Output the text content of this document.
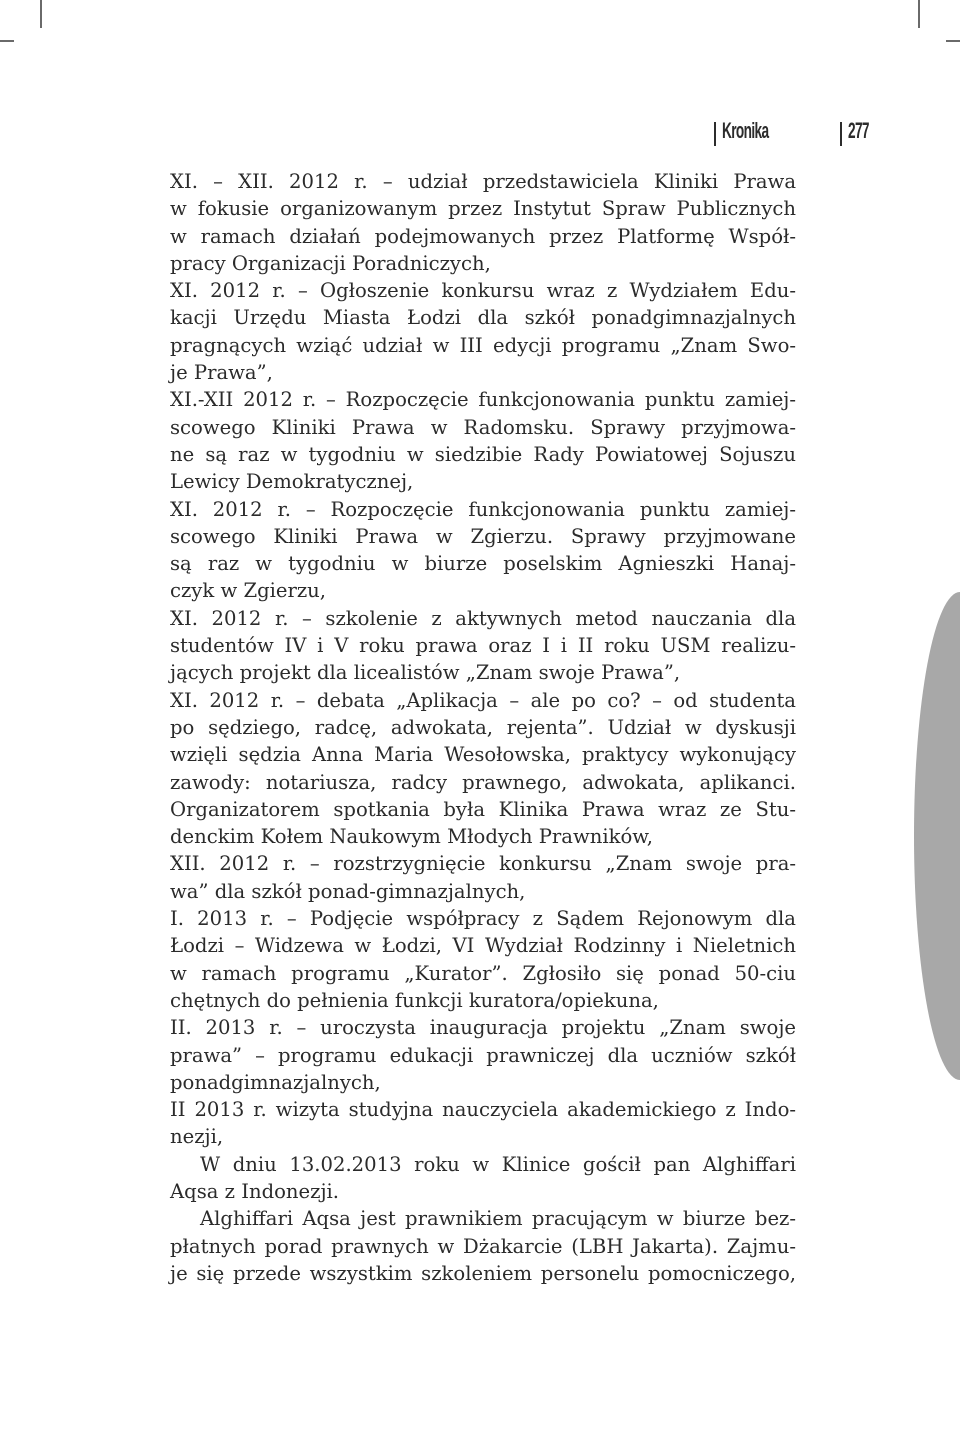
Kronika	277
XI. – XII. 2012 r. – udział przedstawiciela Kliniki Prawa
w fokusie organizowanym przez Instytut Spraw Publicznych
w ramach działań podejmowanych przez Platformę Współ-
pracy Organizacji Poradniczych,
XI. 2012 r. – Ogłoszenie konkursu wraz z Wydziałem Edu-
kacji Urzędu Miasta Łodzi dla szkół ponadgimnazjalnych
pragnących wziąć udział w III edycji programu „Znam Swo-
je Prawa”,
XI.-XII 2012 r. – Rozpoczęcie funkcjonowania punktu zamiej-
scowego Kliniki Prawa w Radomsku. Sprawy przyjmowa-
ne są raz w tygodniu w siedzibie Rady Powiatowej Sojuszu
Lewicy Demokratycznej,
XI. 2012 r. – Rozpoczęcie funkcjonowania punktu zamiej-
scowego Kliniki Prawa w Zgierzu. Sprawy przyjmowane
są raz w tygodniu w biurze poselskim Agnieszki Hanaj-
czyk w Zgierzu,
XI. 2012 r. – szkolenie z aktywnych metod nauczania dla
studentów IV i V roku prawa oraz I i II roku USM realizu-
jących projekt dla licealistów „Znam swoje Prawa”,
XI. 2012 r. – debata „Aplikacja – ale po co? – od studenta
po sędziego, radcę, adwokata, rejenta”. Udział w dyskusji
wzięli sędzia Anna Maria Wesołowska, praktycy wykonujący
zawody: notariusza, radcy prawnego, adwokata, aplikanci.
Organizatorem spotkania była Klinika Prawa wraz ze Stu-
denckim Kołem Naukowym Młodych Prawników,
XII. 2012 r. – rozstrzygnięcie konkursu „Znam swoje pra-
wa” dla szkół ponad-gimnazjalnych,
I. 2013 r. – Podjęcie współpracy z Sądem Rejonowym dla
Łodzi – Widzewa w Łodzi, VI Wydział Rodzinny i Nieletnich
w ramach programu „Kurator”. Zgłosiło się ponad 50-ciu
chętnych do pełnienia funkcji kuratora/opiekuna,
II. 2013 r. – uroczysta inauguracja projektu „Znam swoje
prawa” – programu edukacji prawniczej dla uczniów szkół
ponadgimnazjalnych,
II 2013 r. wizyta studyjna nauczyciela akademickiego z Indo-
nezji,
W dniu 13.02.2013 roku w Klinice gościł pan Alghiffari
Aqsa z Indonezji.
Alghiffari Aqsa jest prawnikiem pracującym w biurze bez-
płatnych porad prawnych w Dżakarcie (LBH Jakarta). Zajmu-
je się przede wszystkim szkoleniem personelu pomocniczego,
